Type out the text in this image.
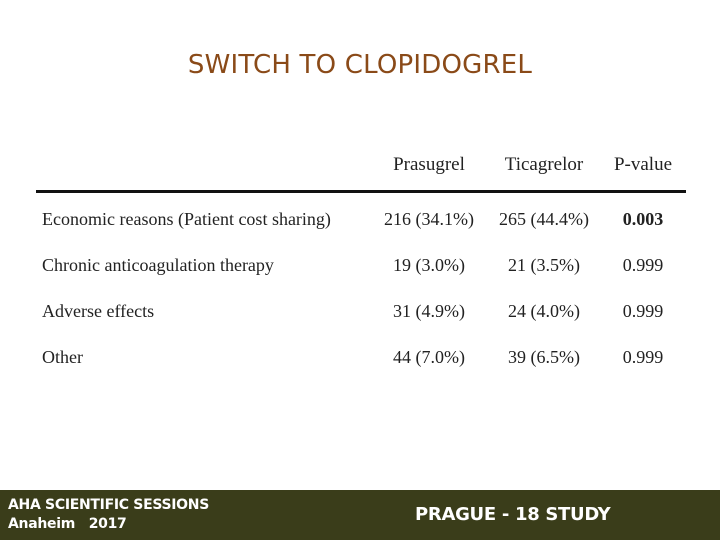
SWITCH TO CLOPIDOGREL
	Prasugrel	Ticagrelor	P-value
Economic reasons (Patient cost sharing)	216 (34.1%)	265 (44.4%)	0.003
Chronic anticoagulation therapy	19 (3.0%)	21 (3.5%)	0.999
Adverse effects	31 (4.9%)	24 (4.0%)	0.999
Other	44 (7.0%)	39 (6.5%)	0.999
AHA SCIENTIFIC SESSIONS
Anaheim   2017	PRAGUE - 18 STUDY
